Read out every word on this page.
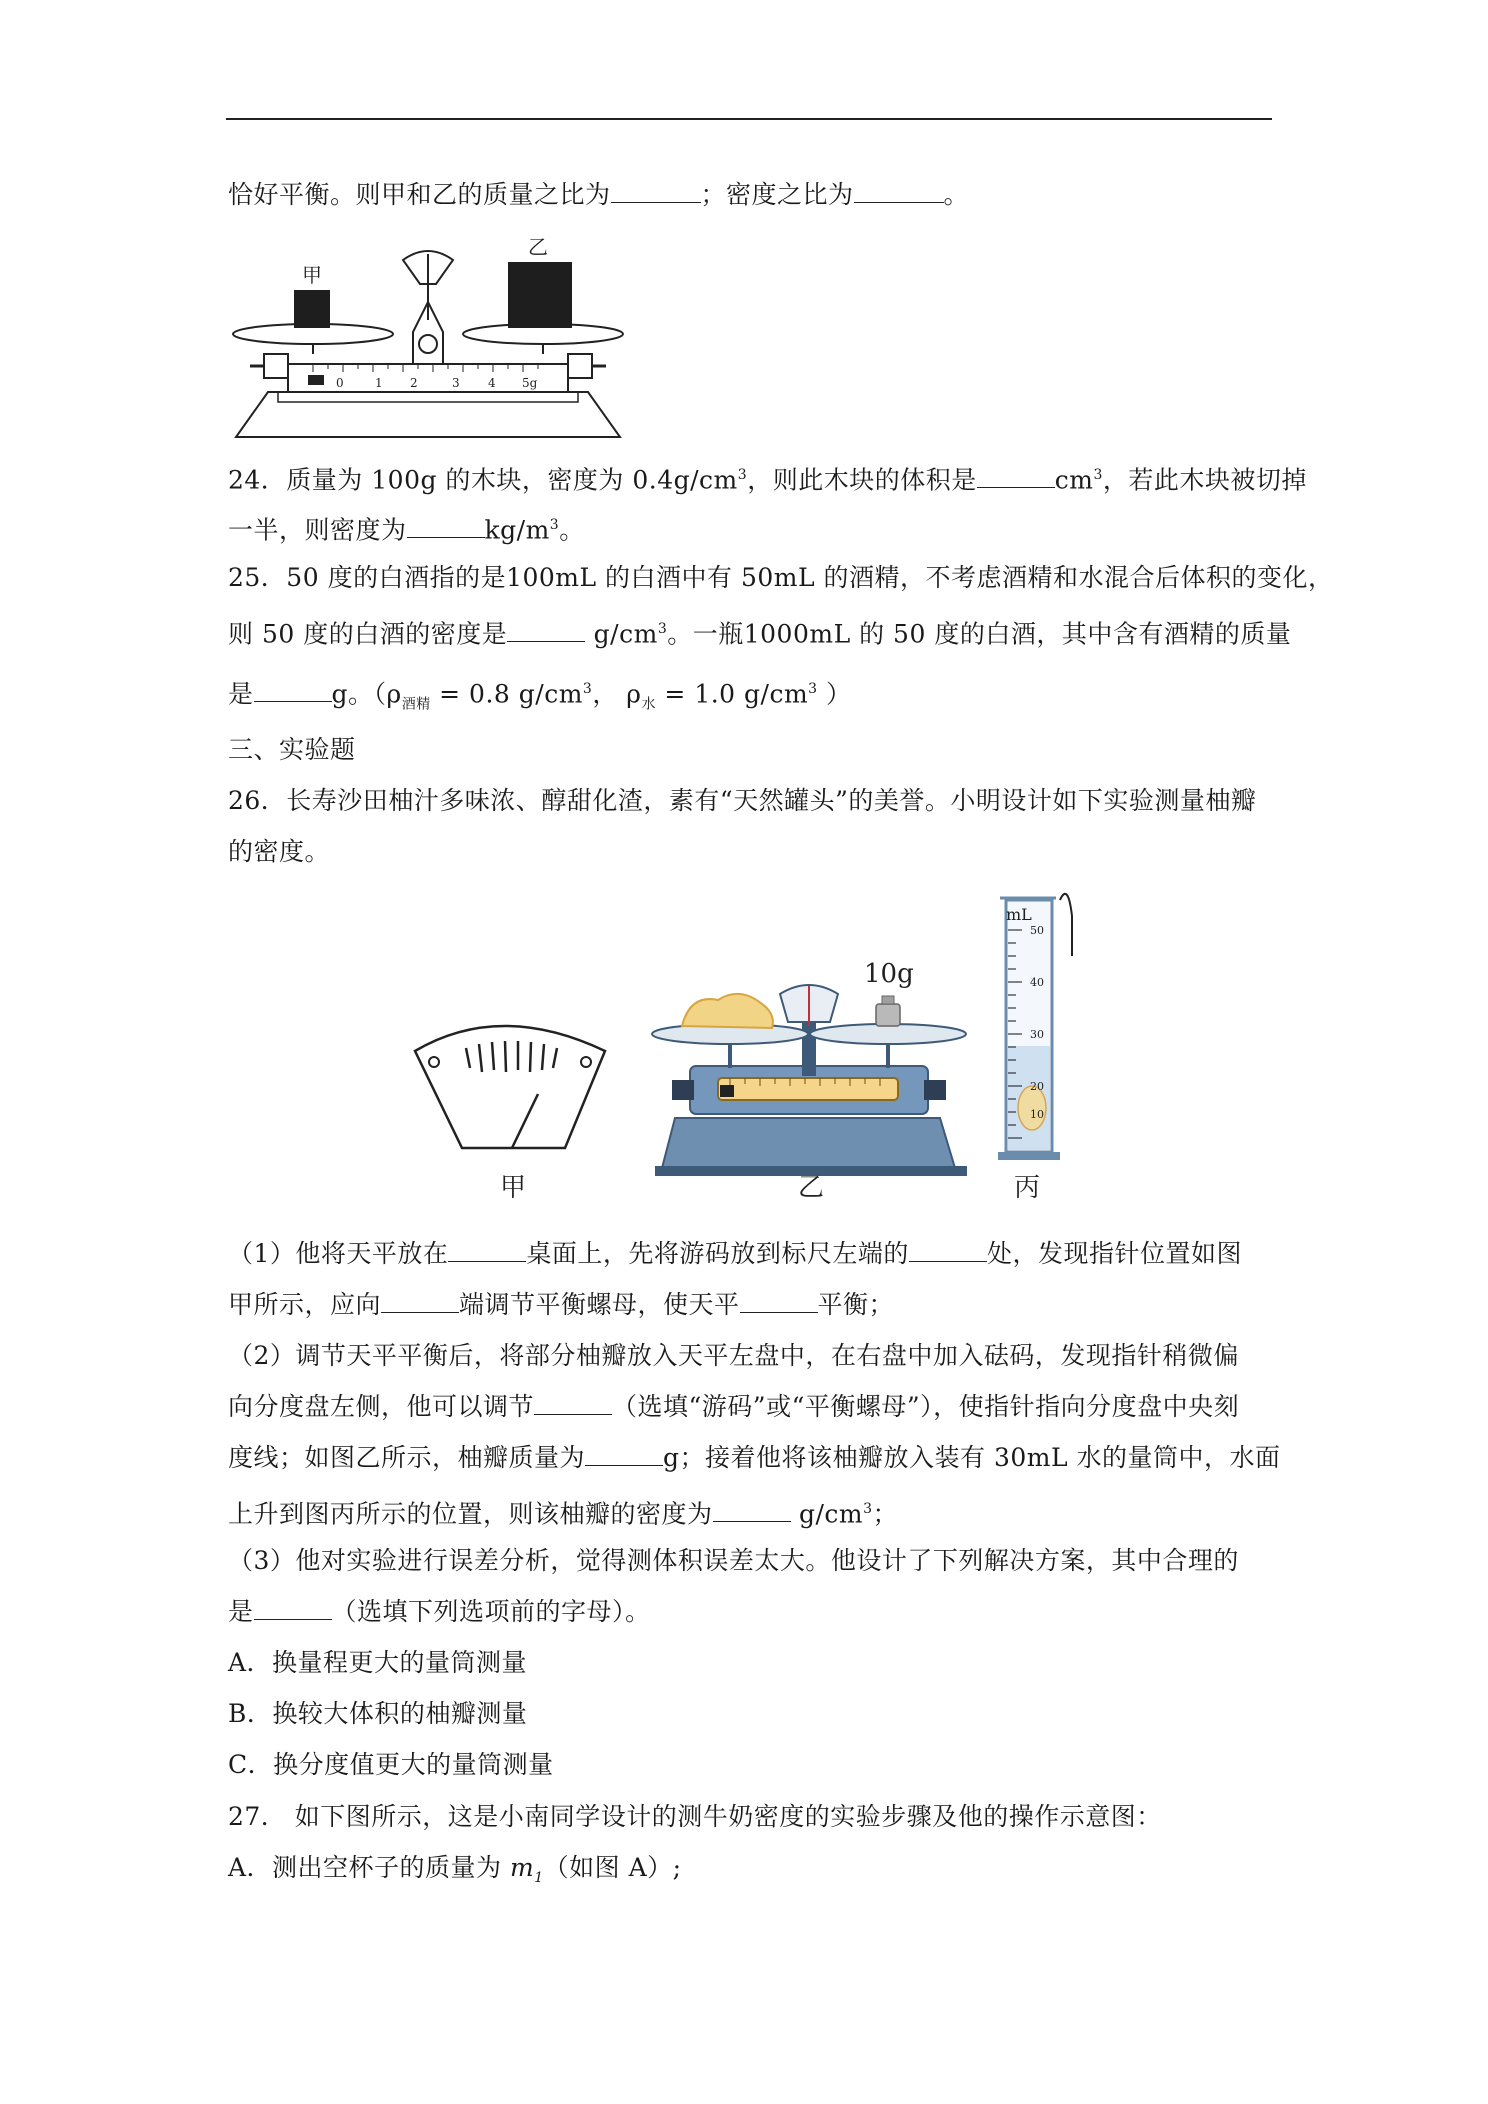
恰好平衡。则甲和乙的质量之比为	；密度之比为	。
0	1 2	3 4 5g
甲
乙
24．质量为 100g 的木块，密度为 $0.4g/cm^3$，则此木块的体积是	$cm^3$，若此木块被切掉
一半，则密度为	$kg/m^3$。
25．50 度的白酒指的是100mL 的白酒中有 50mL 的酒精，不考虑酒精和水混合后体积的变化，
则 50 度的白酒的密度是	$g/cm^3$。一瓶1000mL 的 50 度的白酒，其中含有酒精的质量
是	g。（$\rho_{酒精} = 0.8$ $g/cm^3$， $\rho_水 = 1.0$ $g/cm^3$ ）
三、实验题
26．长寿沙田柚汁多味浓、醇甜化渣，素有“天然罐头”的美誉。小明设计如下实验测量柚瓣
的密度。
甲
10g
乙
mL
50
40
30
20
10
丙
（1）他将天平放在	桌面上，先将游码放到标尺左端的	处，发现指针位置如图
甲所示，应向	端调节平衡螺母，使天平	平衡；
（2）调节天平平衡后，将部分柚瓣放入天平左盘中，在右盘中加入砝码，发现指针稍微偏
向分度盘左侧，他可以调节	（选填“游码”或“平衡螺母”），使指针指向分度盘中央刻
度线；如图乙所示，柚瓣质量为	g；接着他将该柚瓣放入装有 30mL 水的量筒中，水面
上升到图丙所示的位置，则该柚瓣的密度为	$g/cm^3$；
（3）他对实验进行误差分析，觉得测体积误差太大。他设计了下列解决方案，其中合理的
是	（选填下列选项前的字母）。
A．换量程更大的量筒测量
B．换较大体积的柚瓣测量
C．换分度值更大的量筒测量
27． 如下图所示，这是小南同学设计的测牛奶密度的实验步骤及他的操作示意图：
A．测出空杯子的质量为 $m_1$（如图 A）;
